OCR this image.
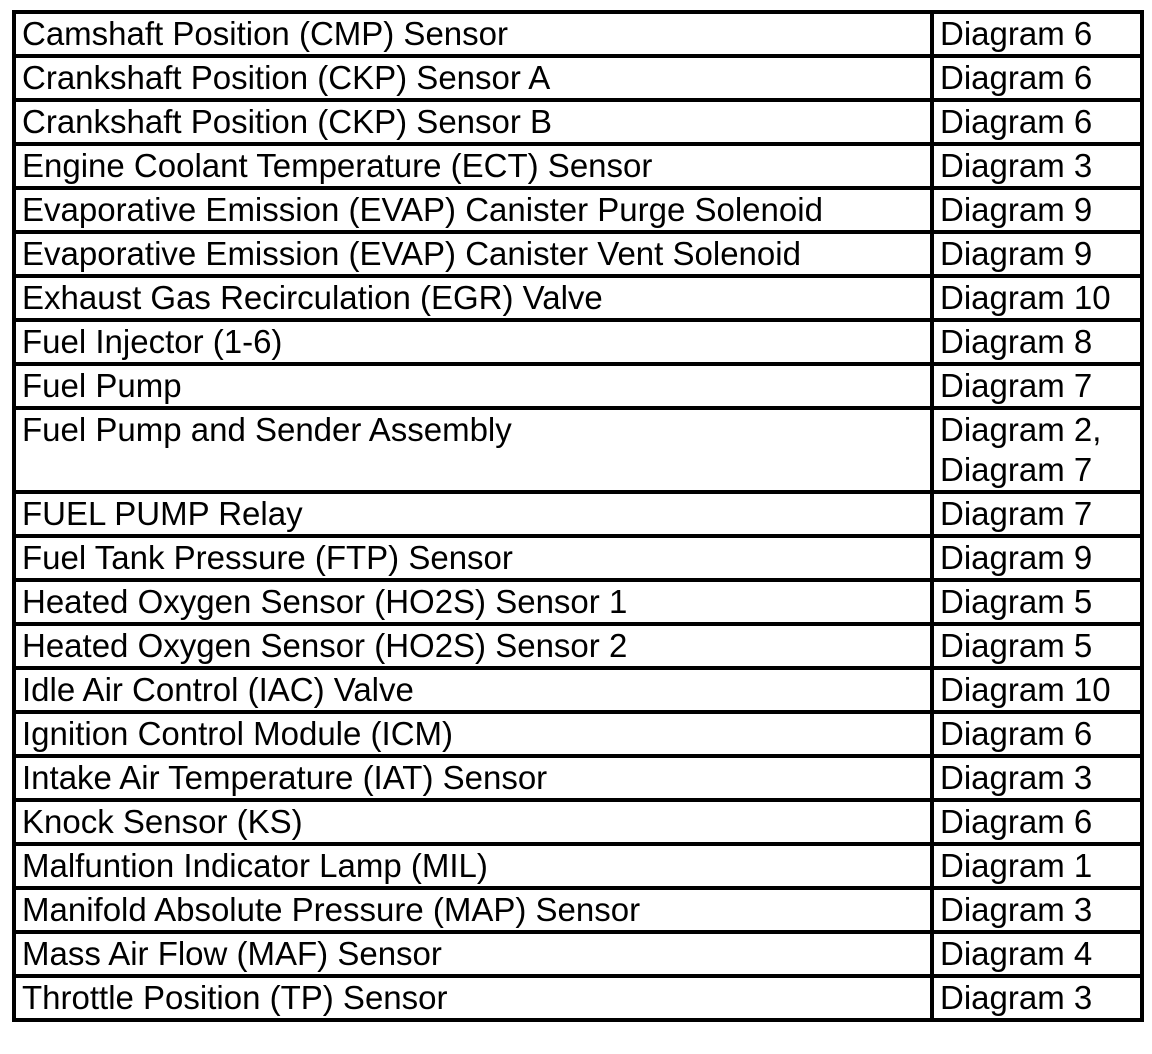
Camshaft Position (CMP) Sensor	Diagram 6

Crankshaft Position (CKP) Sensor A	Diagram 6

Crankshaft Position (CKP) Sensor B	Diagram 6

Engine Coolant Temperature (ECT) Sensor	Diagram 3

Evaporative Emission (EVAP) Canister Purge Solenoid	Diagram 9

Evaporative Emission (EVAP) Canister Vent Solenoid	Diagram 9

Exhaust Gas Recirculation (EGR) Valve	Diagram 10

Fuel Injector (1-6)	Diagram 8

Fuel Pump	Diagram 7

Fuel Pump and Sender Assembly	Diagram 2,
Diagram 7

FUEL PUMP Relay	Diagram 7

Fuel Tank Pressure (FTP) Sensor	Diagram 9

Heated Oxygen Sensor (HO2S) Sensor 1	Diagram 5

Heated Oxygen Sensor (HO2S) Sensor 2	Diagram 5

Idle Air Control (IAC) Valve	Diagram 10

Ignition Control Module (ICM)	Diagram 6

Intake Air Temperature (IAT) Sensor	Diagram 3

Knock Sensor (KS)	Diagram 6

Malfuntion Indicator Lamp (MIL)	Diagram 1

Manifold Absolute Pressure (MAP) Sensor	Diagram 3

Mass Air Flow (MAF) Sensor	Diagram 4

Throttle Position (TP) Sensor	Diagram 3
